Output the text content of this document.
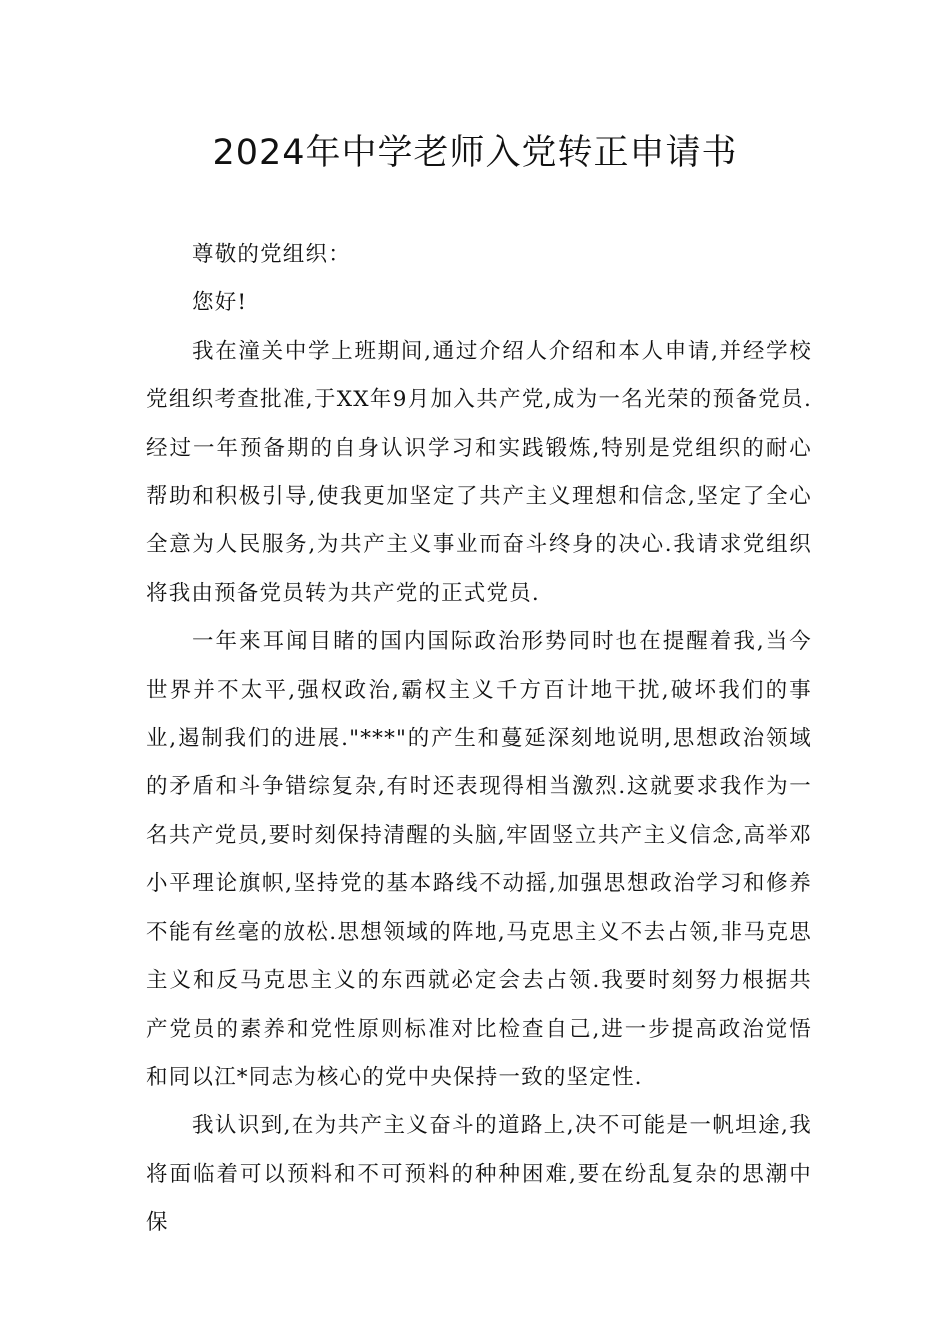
2024年中学老师入党转正申请书

尊敬的党组织：

您好!

我在潼关中学上班期间,通过介绍人介绍和本人申请,并经学校党组织考查批准,于XX年9月加入共产党,成为一名光荣的预备党员.经过一年预备期的自身认识学习和实践锻炼,特别是党组织的耐心帮助和积极引导,使我更加坚定了共产主义理想和信念,坚定了全心全意为人民服务,为共产主义事业而奋斗终身的决心.我请求党组织将我由预备党员转为共产党的正式党员.

一年来耳闻目睹的国内国际政治形势同时也在提醒着我,当今世界并不太平,强权政治,霸权主义千方百计地干扰,破坏我们的事业,遏制我们的进展."***"的产生和蔓延深刻地说明,思想政治领域的矛盾和斗争错综复杂,有时还表现得相当激烈.这就要求我作为一名共产党员,要时刻保持清醒的头脑,牢固竖立共产主义信念,高举邓小平理论旗帜,坚持党的基本路线不动摇,加强思想政治学习和修养不能有丝毫的放松.思想领域的阵地,马克思主义不去占领,非马克思主义和反马克思主义的东西就必定会去占领.我要时刻努力根据共产党员的素养和党性原则标准对比检查自己,进一步提高政治觉悟和同以江*同志为核心的党中央保持一致的坚定性.

我认识到,在为共产主义奋斗的道路上,决不可能是一帆坦途,我将面临着可以预料和不可预料的种种困难,要在纷乱复杂的思潮中保
